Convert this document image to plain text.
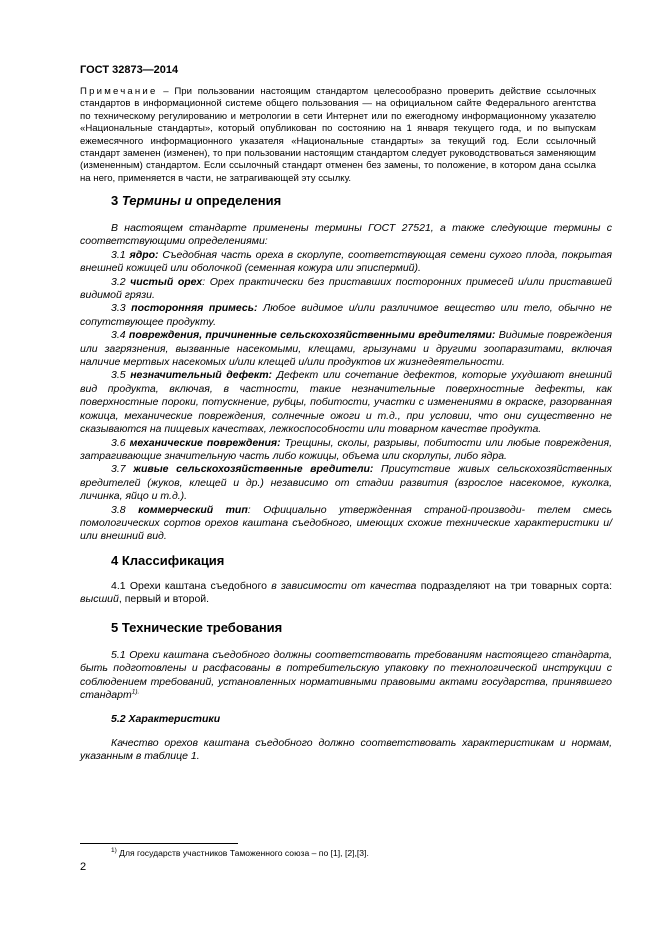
ГОСТ 32873—2014
Примечание – При пользовании настоящим стандартом целесообразно проверить действие ссылочных стандартов в информационной системе общего пользования — на официальном сайте Федерального агентства по техническому регулированию и метрологии в сети Интернет или по ежегодному информационному указателю «Национальные стандарты», который опубликован по состоянию на 1 января текущего года, и по выпускам ежемесячного информационного указателя «Национальные стандарты» за текущий год. Если ссылочный стандарт заменен (изменен), то при пользовании настоящим стандартом следует руководствоваться заменяющим (измененным) стандартом. Если ссылочный стандарт отменен без замены, то положение, в котором дана ссылка на него, применяется в части, не затрагивающей эту ссылку.
3 Термины и определения

В настоящем стандарте применены термины ГОСТ 27521, а также следующие термины с соответствующими определениями:

3.1 ядро: Съедобная часть ореха в скорлупе, соответствующая семени сухого плода, покрытая внешней кожицей или оболочкой (семенная кожура или эписпермий).

3.2 чистый орех: Орех практически без приставших посторонних примесей и/или приставшей видимой грязи.

3.3 посторонняя примесь: Любое видимое и/или различимое вещество или тело, обычно не сопутствующее продукту.

3.4 повреждения, причиненные сельскохозяйственными вредителями: Видимые повреждения или загрязнения, вызванные насекомыми, клещами, грызунами и другими зоопаразитами, включая наличие мертвых насекомых и/или клещей и/или продуктов их жизнедеятельности.

3.5 незначительный дефект: Дефект или сочетание дефектов, которые ухудшают внешний вид продукта, включая, в частности, такие незначительные поверхностные дефекты, как поверхностные пороки, потускнение, рубцы, побитости, участки с изменениями в окраске, разорванная кожица, механические повреждения, солнечные ожоги и т.д., при условии, что они существенно не сказываются на пищевых качествах, лежкоспособности или товарном качестве продукта.

3.6 механические повреждения: Трещины, сколы, разрывы, побитости или любые повреждения, затрагивающие значительную часть либо кожицы, объема или скорлупы, либо ядра.

3.7 живые сельскохозяйственные вредители: Присутствие живых сельскохозяйственных вредителей (жуков, клещей и др.) независимо от стадии развития (взрослое насекомое, куколка, личинка, яйцо и т.д.).

3.8 коммерческий тип: Официально утвержденная страной-производи- телем смесь помологических сортов орехов каштана съедобного, имеющих схожие технические характеристики и/или внешний вид.

4 Классификация

4.1 Орехи каштана съедобного в зависимости от качества подразделяют на три товарных сорта: высший, первый и второй.

5 Технические требования

5.1 Орехи каштана съедобного должны соответствовать требованиям настоящего стандарта, быть подготовлены и расфасованы в потребительскую упаковку по технологической инструкции с соблюдением требований, установленных нормативными правовыми актами государства, принявшего стандарт$^{1).}$

5.2 Характеристики

Качество орехов каштана съедобного должно соответствовать характеристикам и нормам, указанным в таблице 1.

$^{1)}$ Для государств участников Таможенного союза – по [1], [2],[3].
2
